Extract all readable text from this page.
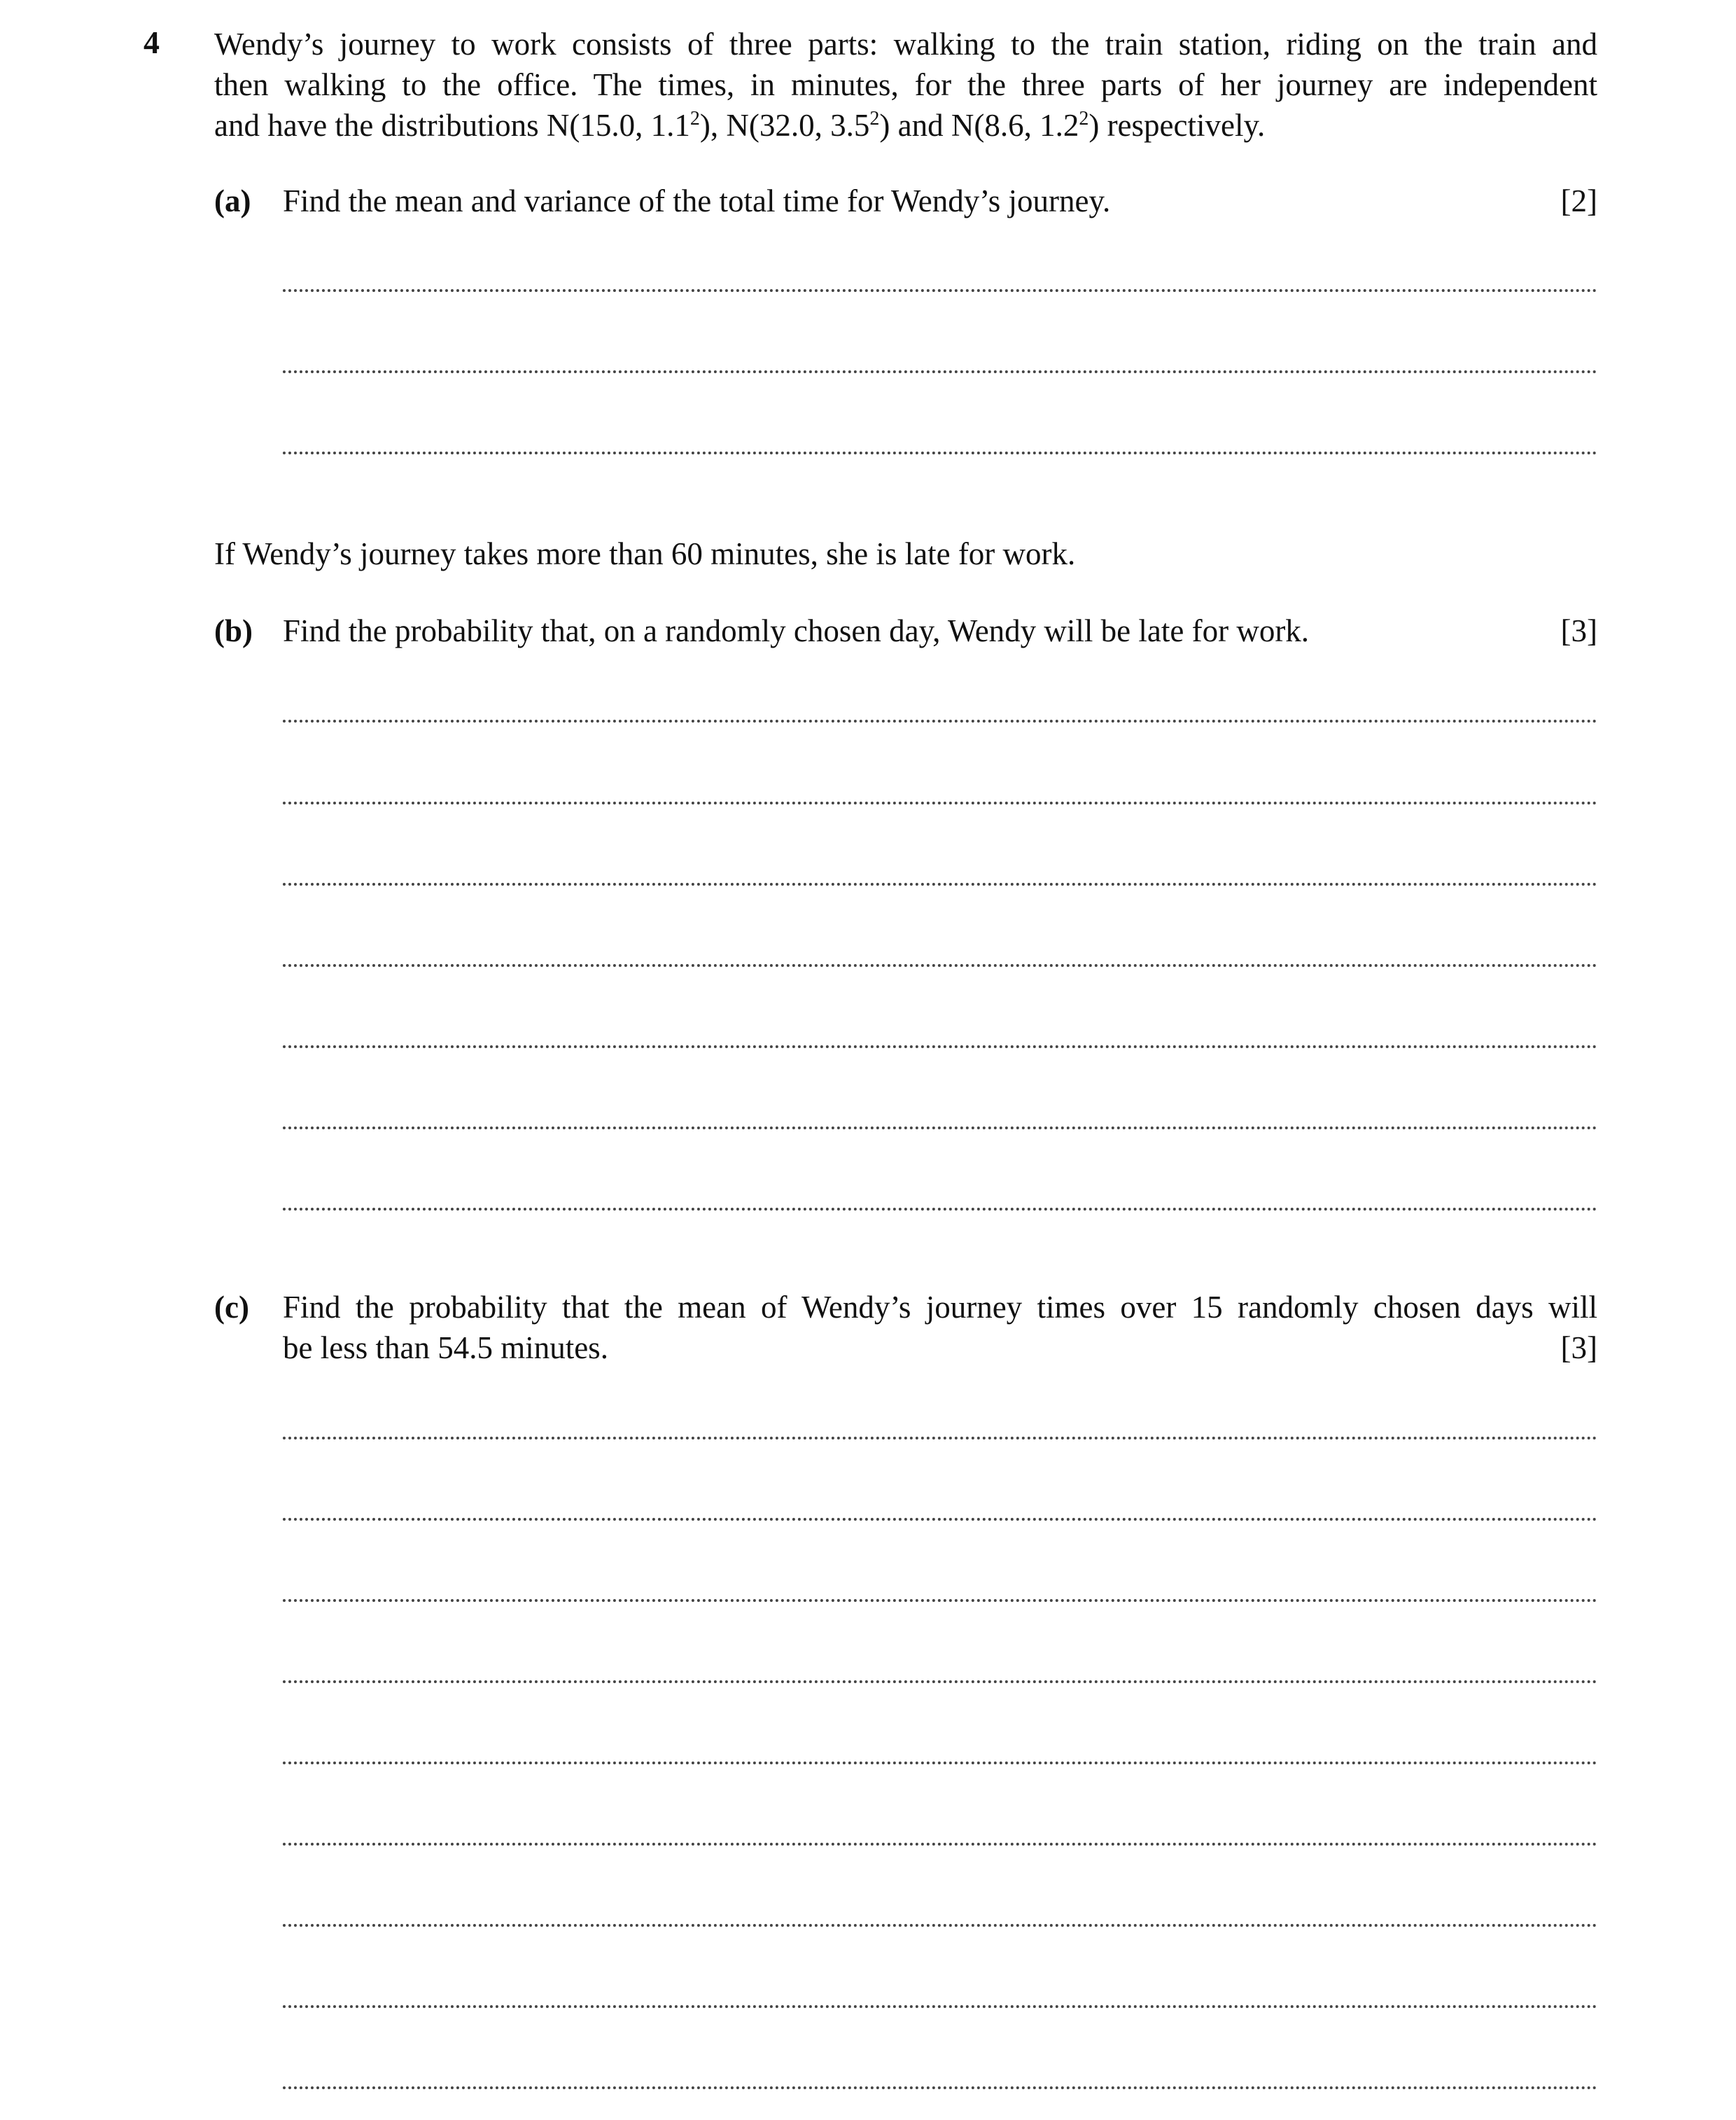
4 Wendy’s journey to work consists of three parts: walking to the train station, riding on the train and
then walking to the office. The times, in minutes, for the three parts of her journey are independent
and have the distributions N(15.0, $1.1^2$), N(32.0, $3.5^2$) and N(8.6, $1.2^2$) respectively.
(a) Find the mean and variance of the total time for Wendy’s journey.	[2]
If Wendy’s journey takes more than 60 minutes, she is late for work.
(b) Find the probability that, on a randomly chosen day, Wendy will be late for work.	[3]
(c) Find the probability that the mean of Wendy’s journey times over 15 randomly chosen days will
be less than 54.5 minutes.	[3]
